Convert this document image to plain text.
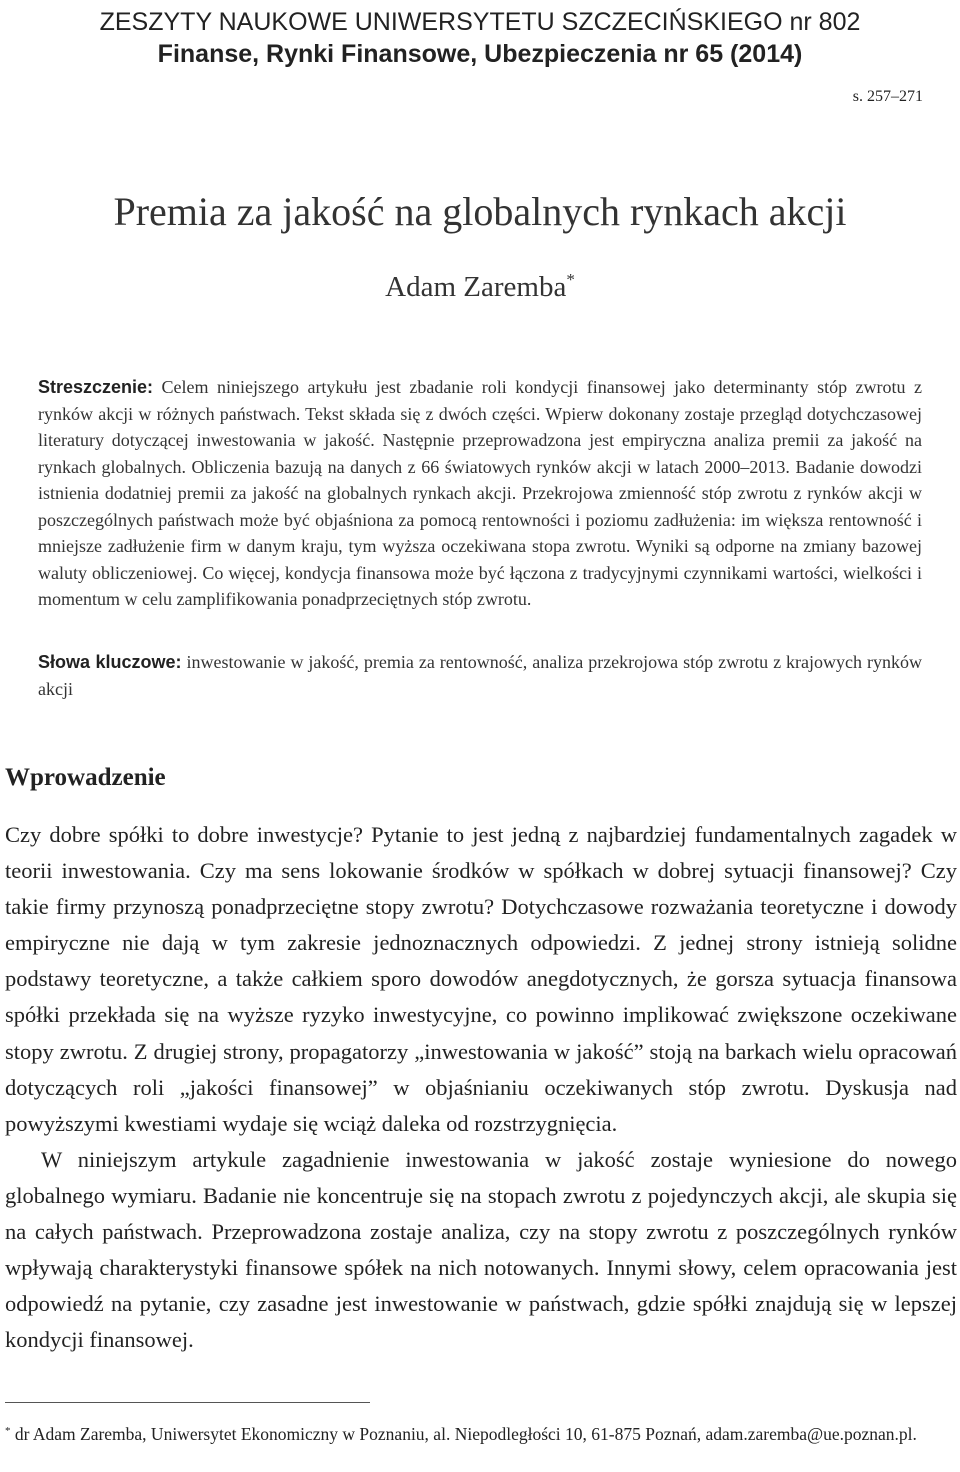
ZESZYTY NAUKOWE UNIWERSYTETU SZCZECIŃSKIEGO nr 802
Finanse, Rynki Finansowe, Ubezpieczenia nr 65 (2014)
s. 257–271
Premia za jakość na globalnych rynkach akcji
Adam Zaremba*
Streszczenie: Celem niniejszego artykułu jest zbadanie roli kondycji finansowej jako determinanty stóp zwrotu z rynków akcji w różnych państwach. Tekst składa się z dwóch części. Wpierw dokonany zostaje przegląd dotychczasowej literatury dotyczącej inwestowania w jakość. Następnie przeprowadzona jest empiryczna analiza premii za jakość na rynkach globalnych. Obliczenia bazują na danych z 66 światowych rynków akcji w latach 2000–2013. Badanie dowodzi istnienia dodatniej premii za jakość na globalnych rynkach akcji. Przekrojowa zmienność stóp zwrotu z rynków akcji w poszczególnych państwach może być objaśniona za pomocą rentowności i poziomu zadłużenia: im większa rentowność i mniejsze zadłużenie firm w danym kraju, tym wyższa oczekiwana stopa zwrotu. Wyniki są odporne na zmiany bazowej waluty obliczeniowej. Co więcej, kondycja finansowa może być łączona z tradycyjnymi czynnikami wartości, wielkości i momentum w celu zamplifikowania ponadprzeciętnych stóp zwrotu.
Słowa kluczowe: inwestowanie w jakość, premia za rentowność, analiza przekrojowa stóp zwrotu z krajowych rynków akcji
Wprowadzenie

Czy dobre spółki to dobre inwestycje? Pytanie to jest jedną z najbardziej fundamentalnych zagadek w teorii inwestowania. Czy ma sens lokowanie środków w spółkach w dobrej sytuacji finansowej? Czy takie firmy przynoszą ponadprzeciętne stopy zwrotu? Dotychczasowe rozważania teoretyczne i dowody empiryczne nie dają w tym zakresie jednoznacznych odpowiedzi. Z jednej strony istnieją solidne podstawy teoretyczne, a także całkiem sporo dowodów anegdotycznych, że gorsza sytuacja finansowa spółki przekłada się na wyższe ryzyko inwestycyjne, co powinno implikować zwiększone oczekiwane stopy zwrotu. Z drugiej strony, propagatorzy „inwestowania w jakość” stoją na barkach wielu opracowań dotyczących roli „jakości finansowej” w objaśnianiu oczekiwanych stóp zwrotu. Dyskusja nad powyższymi kwestiami wydaje się wciąż daleka od rozstrzygnięcia.

W niniejszym artykule zagadnienie inwestowania w jakość zostaje wyniesione do nowego globalnego wymiaru. Badanie nie koncentruje się na stopach zwrotu z pojedynczych akcji, ale skupia się na całych państwach. Przeprowadzona zostaje analiza, czy na stopy zwrotu z poszczególnych rynków wpływają charakterystyki finansowe spółek na nich notowanych. Innymi słowy, celem opracowania jest odpowiedź na pytanie, czy zasadne jest inwestowanie w państwach, gdzie spółki znajdują się w lepszej kondycji finansowej.

* dr Adam Zaremba, Uniwersytet Ekonomiczny w Poznaniu, al. Niepodległości 10, 61-875 Poznań, adam.zaremba@ue.poznan.pl.
